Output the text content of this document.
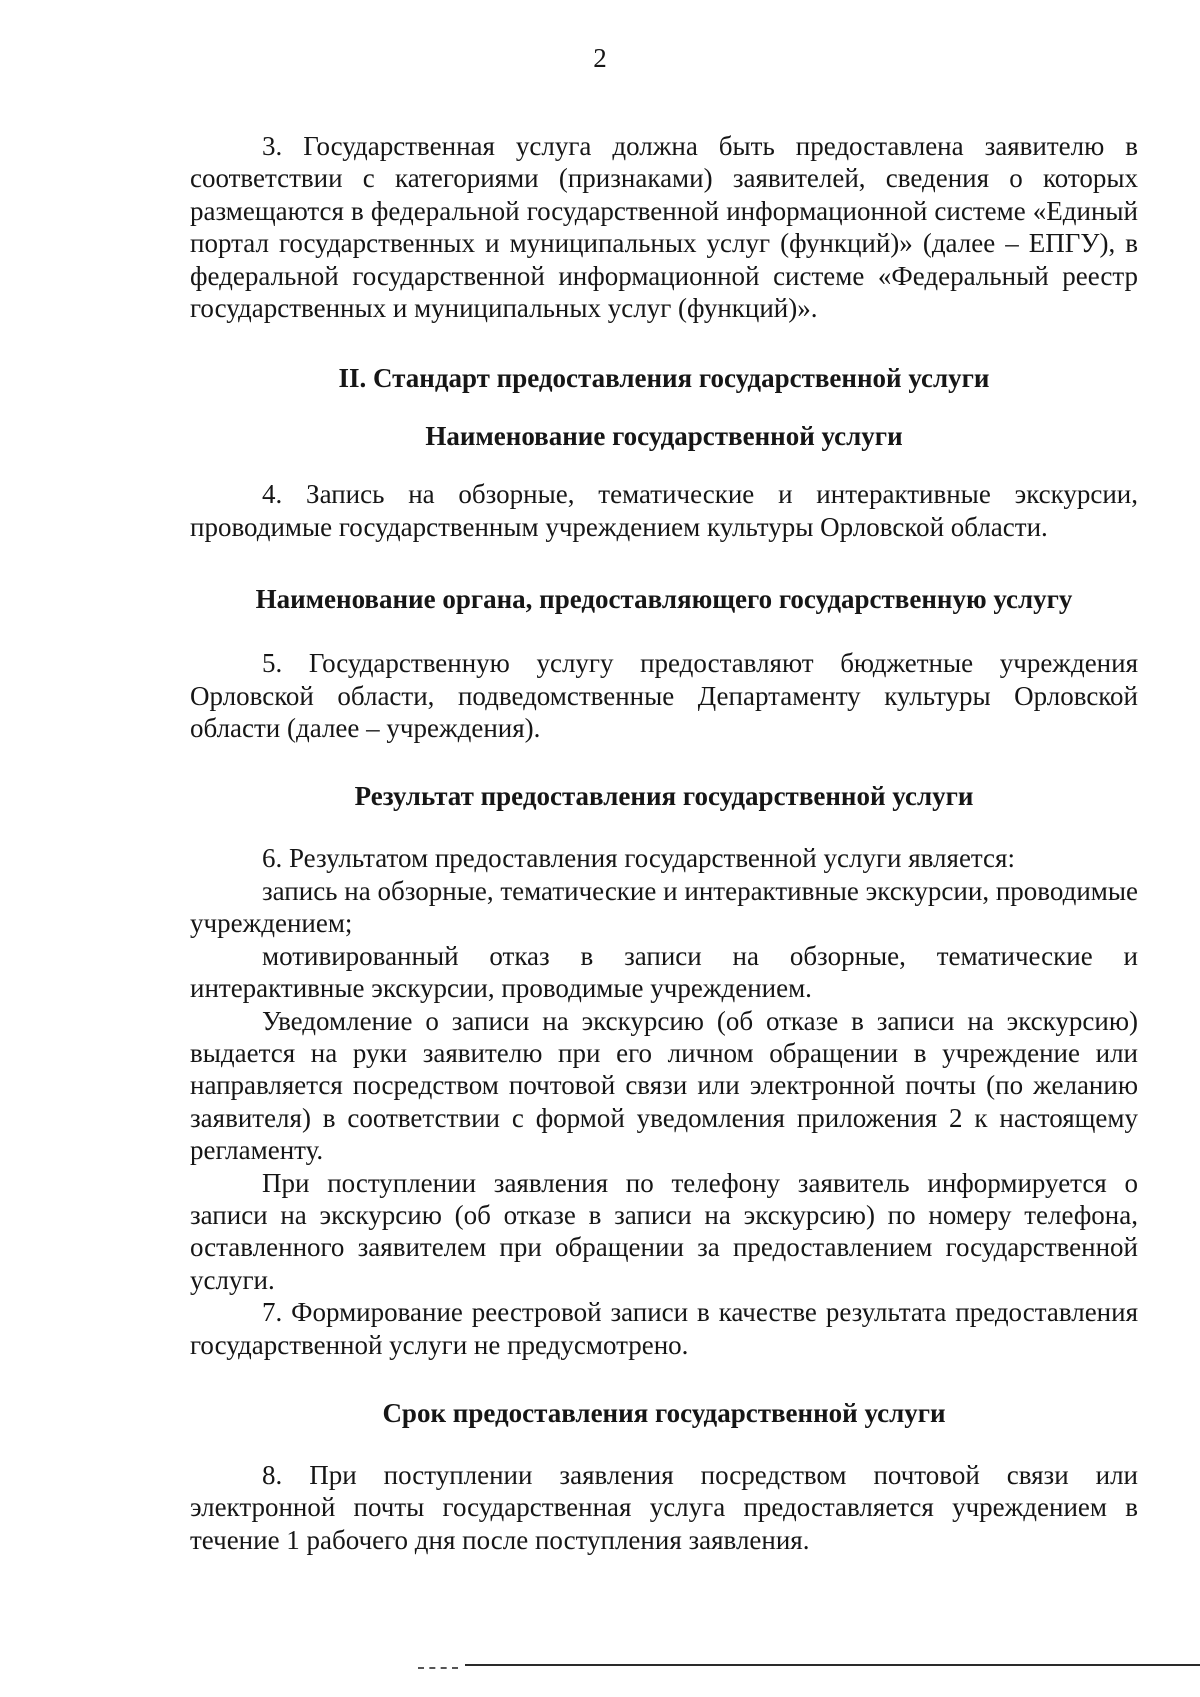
2

3. Государственная услуга должна быть предоставлена заявителю в соответствии с категориями (признаками) заявителей, сведения о которых размещаются в федеральной государственной информационной системе «Единый портал государственных и муниципальных услуг (функций)» (далее – ЕПГУ), в федеральной государственной информационной системе «Федеральный реестр государственных и муниципальных услуг (функций)».

II. Стандарт предоставления государственной услуги
Наименование государственной услуги

4. Запись на обзорные, тематические и интерактивные экскурсии, проводимые государственным учреждением культуры Орловской области.

Наименование органа, предоставляющего государственную услугу

5. Государственную услугу предоставляют бюджетные учреждения Орловской области, подведомственные Департаменту культуры Орловской области (далее – учреждения).

Результат предоставления государственной услуги

6. Результатом предоставления государственной услуги является:

запись на обзорные, тематические и интерактивные экскурсии, проводимые учреждением;

мотивированный отказ в записи на обзорные, тематические и интерактивные экскурсии, проводимые учреждением.

Уведомление о записи на экскурсию (об отказе в записи на экскурсию) выдается на руки заявителю при его личном обращении в учреждение или направляется посредством почтовой связи или электронной почты (по желанию заявителя) в соответствии с формой уведомления приложения 2 к настоящему регламенту.

При поступлении заявления по телефону заявитель информируется о записи на экскурсию (об отказе в записи на экскурсию) по номеру телефона, оставленного заявителем при обращении за предоставлением государственной услуги.

7. Формирование реестровой записи в качестве результата предоставления государственной услуги не предусмотрено.

Срок предоставления государственной услуги

8. При поступлении заявления посредством почтовой связи или электронной почты государственная услуга предоставляется учреждением в течение 1 рабочего дня после поступления заявления.
